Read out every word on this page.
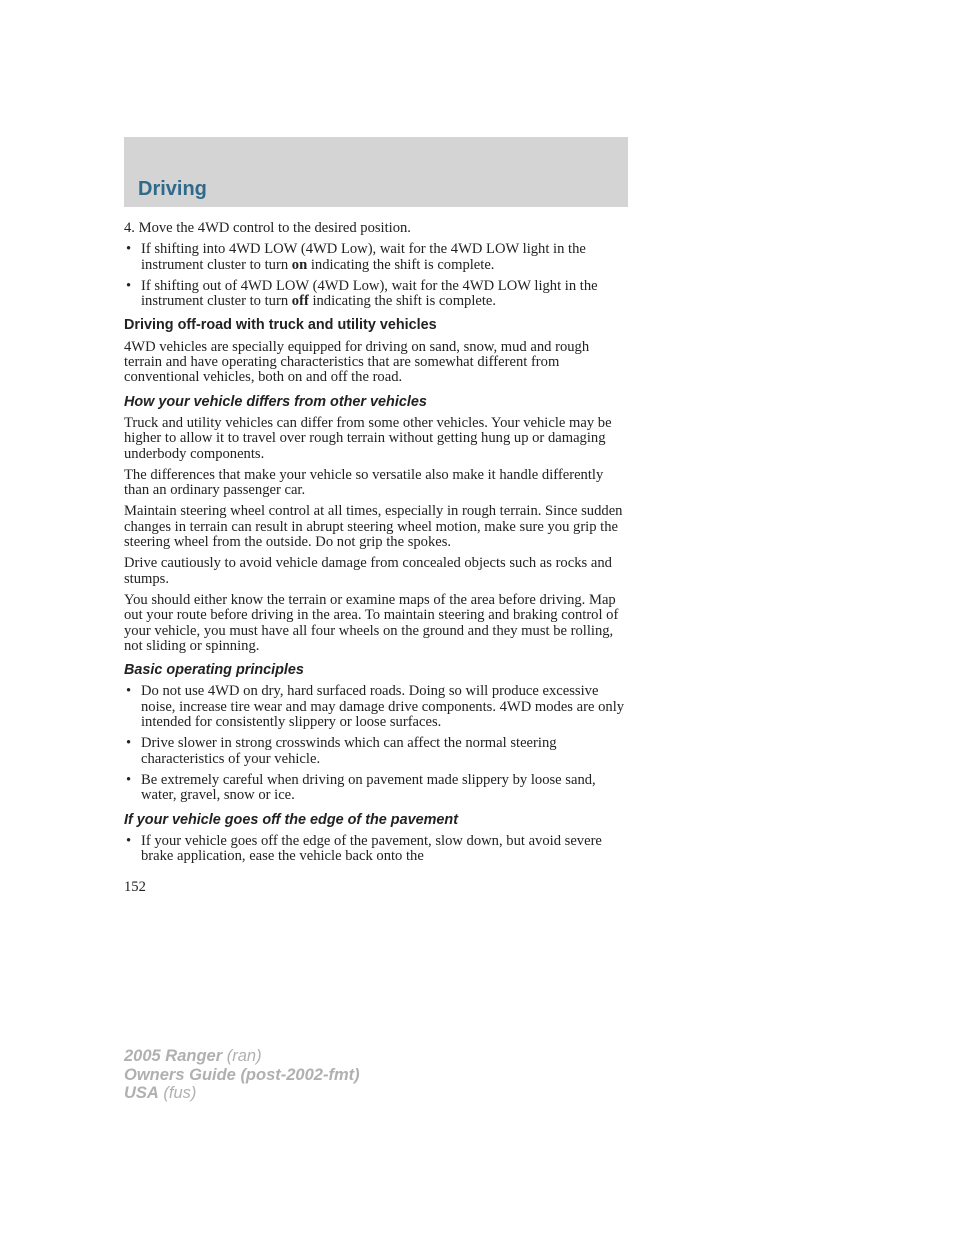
Driving

4. Move the 4WD control to the desired position.

• If shifting into 4WD LOW (4WD Low), wait for the 4WD LOW light in the instrument cluster to turn on indicating the shift is complete.
• If shifting out of 4WD LOW (4WD Low), wait for the 4WD LOW light in the instrument cluster to turn off indicating the shift is complete.
Driving off-road with truck and utility vehicles

4WD vehicles are specially equipped for driving on sand, snow, mud and rough terrain and have operating characteristics that are somewhat different from conventional vehicles, both on and off the road.

How your vehicle differs from other vehicles

Truck and utility vehicles can differ from some other vehicles. Your vehicle may be higher to allow it to travel over rough terrain without getting hung up or damaging underbody components.

The differences that make your vehicle so versatile also make it handle differently than an ordinary passenger car.

Maintain steering wheel control at all times, especially in rough terrain. Since sudden changes in terrain can result in abrupt steering wheel motion, make sure you grip the steering wheel from the outside. Do not grip the spokes.

Drive cautiously to avoid vehicle damage from concealed objects such as rocks and stumps.

You should either know the terrain or examine maps of the area before driving. Map out your route before driving in the area. To maintain steering and braking control of your vehicle, you must have all four wheels on the ground and they must be rolling, not sliding or spinning.

Basic operating principles
• Do not use 4WD on dry, hard surfaced roads. Doing so will produce excessive noise, increase tire wear and may damage drive components. 4WD modes are only intended for consistently slippery or loose surfaces.
• Drive slower in strong crosswinds which can affect the normal steering characteristics of your vehicle.
• Be extremely careful when driving on pavement made slippery by loose sand, water, gravel, snow or ice.
If your vehicle goes off the edge of the pavement
• If your vehicle goes off the edge of the pavement, slow down, but avoid severe brake application, ease the vehicle back onto the
152
2005 Ranger (ran)
Owners Guide (post-2002-fmt)
USA (fus)
